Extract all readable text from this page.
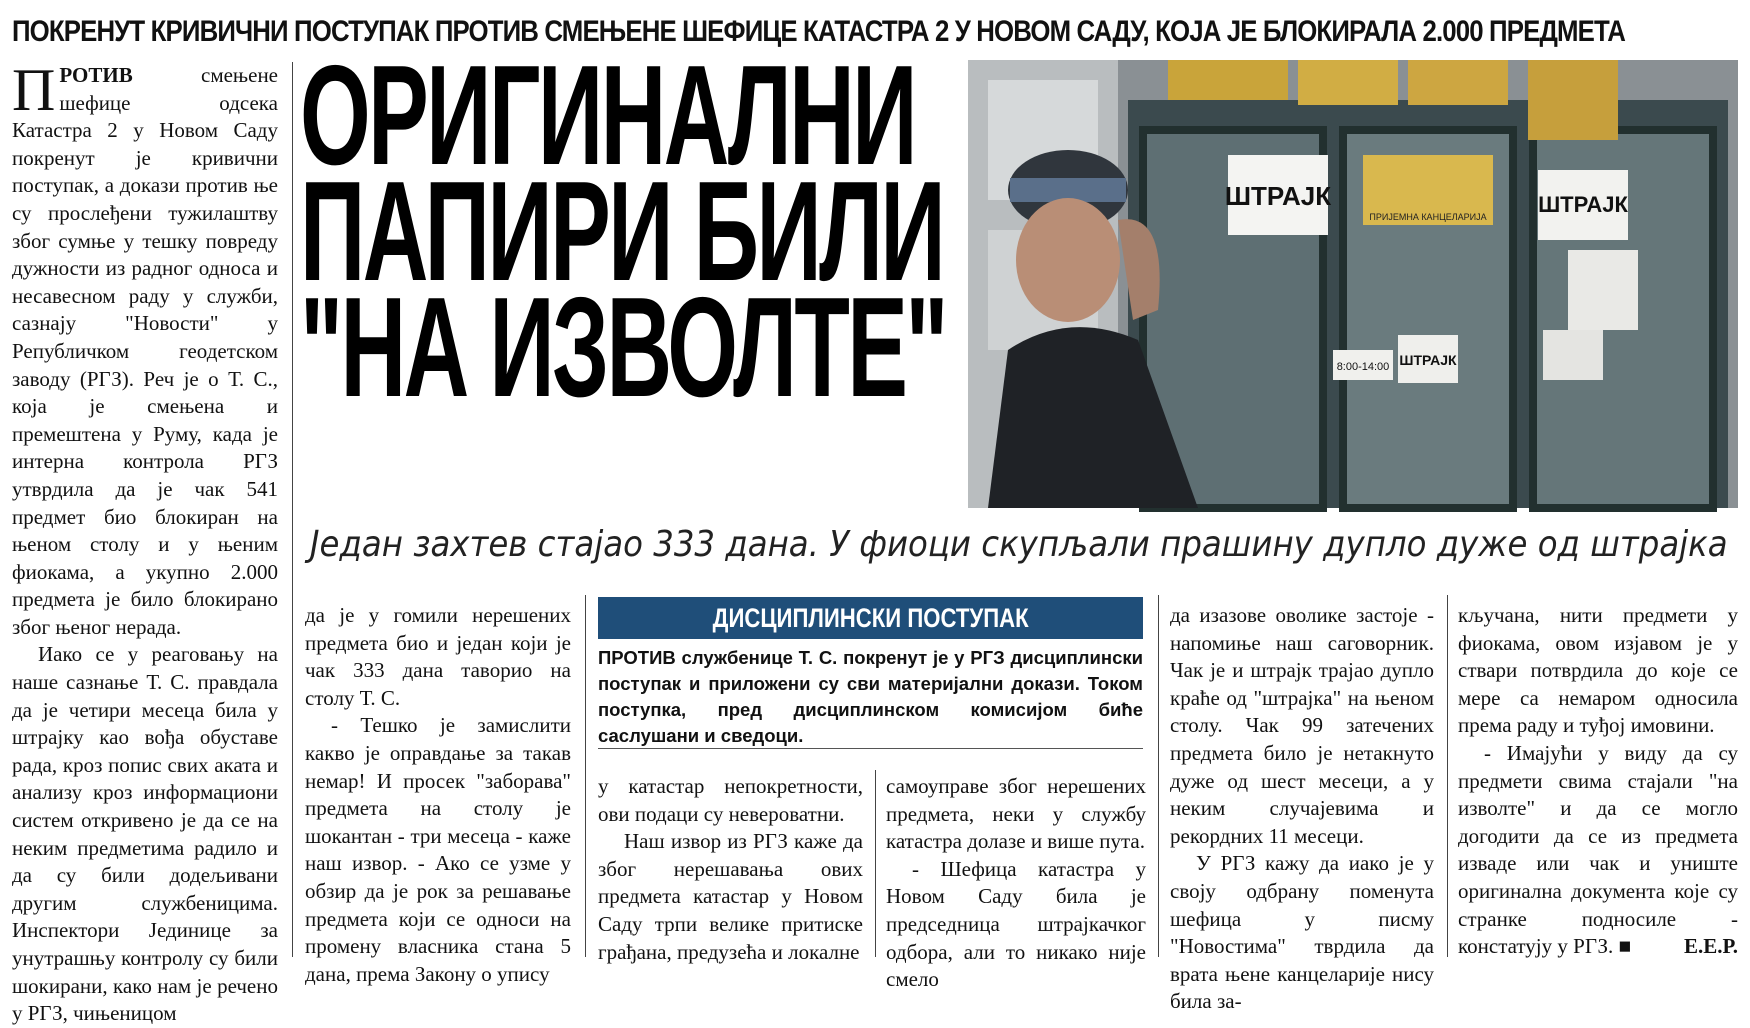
ПОКРЕНУТ КРИВИЧНИ ПОСТУПАК ПРОТИВ СМЕЊЕНЕ ШЕФИЦЕ КАТАСТРА 2 У НОВОМ САДУ, КОЈА ЈЕ БЛОКИРАЛА 2.000 ПРЕДМЕТА

ПРОТИВ смењене шефице одсека Катастра 2 у Новом Саду покренут је кривични поступак, а докази против ње су прослеђени тужилаштву због сумње у тешку повреду дужности из радног односа и несавесном раду у служби, сазнају "Новости" у Републичком геодетском заводу (РГЗ). Реч је о Т. С., која је смењена и премештена у Руму, када је интерна контрола РГЗ утврдила да је чак 541 предмет био блокиран на њеном столу и у њеним фиокама, а укупно 2.000 предмета је било блокирано због њеног нерада.

Иако се у реаговању на наше сазнање Т. С. правдала да је четири месеца била у штрајку као вођа обуставе рада, кроз попис свих аката и анализу кроз информациони систем откривено је да се на неким предметима радило и да су били додељивани другим службеницима. Инспектори Јединице за унутрашњу контролу су били шокирани, како нам је речено у РГЗ, чињеницом

ОРИГИНАЛНИ
ПАПИРИ БИЛИ
"НА ИЗВОЛТЕ"
ШТРАЈК	ШТРАЈК
ШТРАЈК
8:00-14:00
ПРИЈЕМНА КАНЦЕЛАРИЈА
Један захтев стајао 333 дана. У фиоци скупљали прашину дупло дуже од штрајка
ДИСЦИПЛИНСКИ ПОСТУПАК
ПРОТИВ службенице Т. С. покренут је у РГЗ дисциплински поступак и приложени су сви материјални докази. Током поступка, пред дисциплинском комисијом биће саслушани и сведоци.

да је у гомили нерешених предмета био и један који је чак 333 дана таворио на столу Т. С.

- Тешко је замислити какво је оправдање за такав немар! И просек "заборава" предмета на столу је шокантан - три месеца - каже наш извор. - Ако се узме у обзир да је рок за решавање предмета који се односи на промену власника стана 5 дана, према Закону о упису

у катастар непокретности, ови подаци су невероватни.

Наш извор из РГЗ каже да због нерешавања ових предмета катастар у Новом Саду трпи велике притиске грађана, предузећа и локалне

самоуправе због нерешених предмета, неки у службу катастра долазе и више пута.

- Шефица катастра у Новом Саду била је председница штрајкачког одбора, али то никако није смело

да изазове оволике застоје - напомиње наш саговорник. Чак је и штрајк трајао дупло краће од "штрајка" на њеном столу. Чак 99 затечених предмета било је нетакнуто дуже од шест месеци, а у неким случајевима и рекордних 11 месеци.

У РГЗ кажу да иако је у своју одбрану поменута шефица у писму "Новостима" тврдила да врата њене канцеларије нису била за-

кључана, нити предмети у фиокама, овом изјавом је у ствари потврдила до које се мере са немаром односила према раду и туђој имовини.

- Имајући у виду да су предмети свима стајали "на изволте" и да се могло догодити да се из предмета изваде или чак и униште оригинална документа које су странке подносиле - констатују у РГЗ. ■	Е.Е.Р.
